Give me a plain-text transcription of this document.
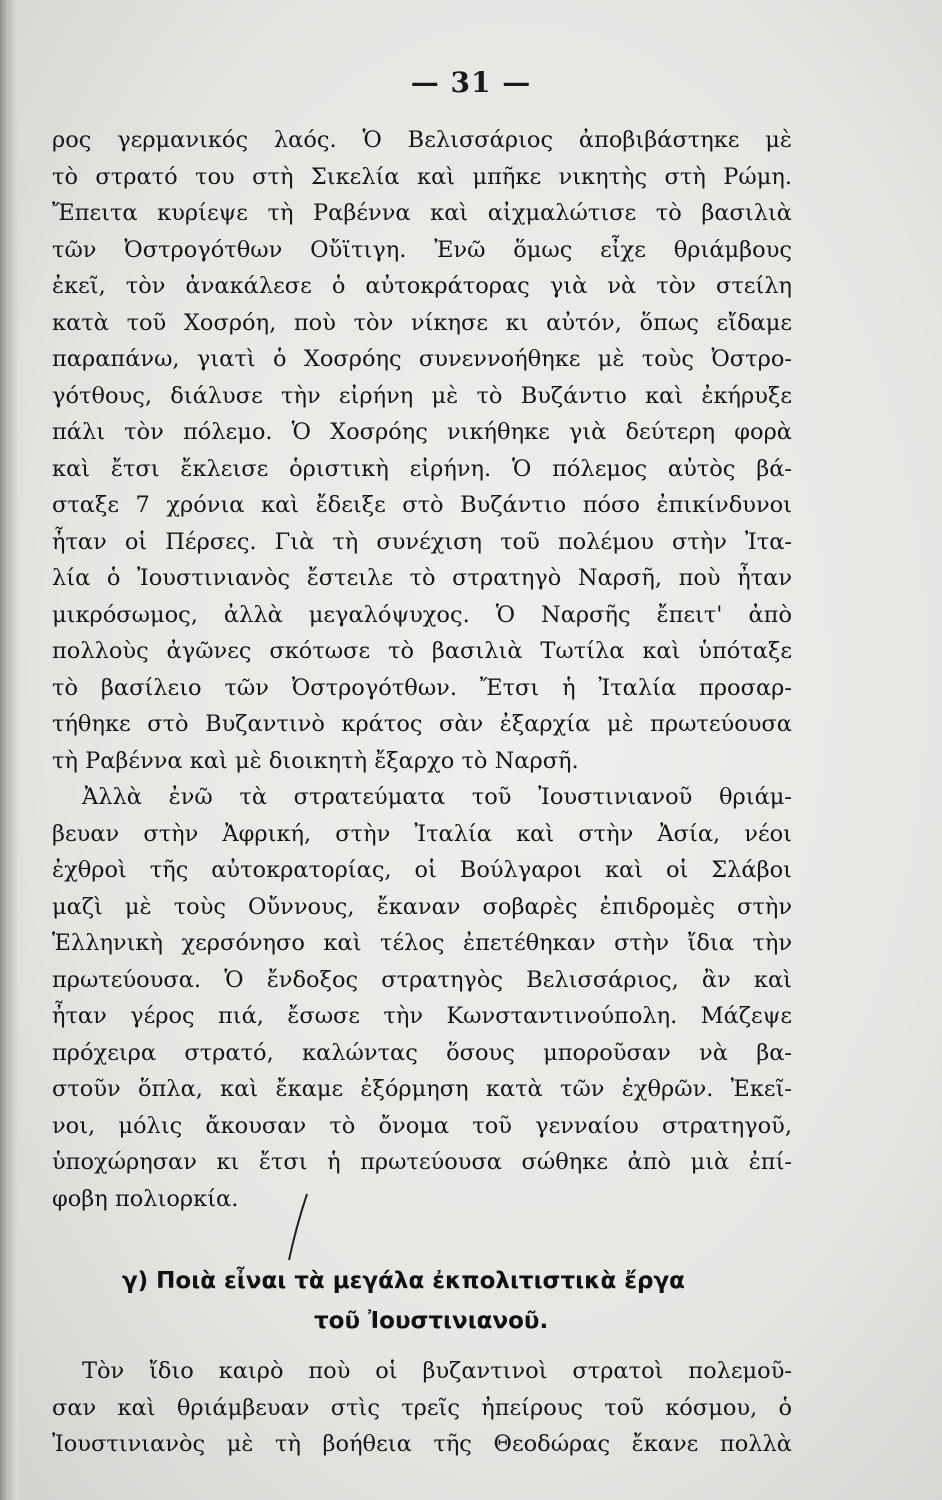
— 31 —
ρος γερμανικός λαός. Ὁ Βελισσάριος ἀποβιβάστηκε μὲ
τὸ στρατό του στὴ Σικελία καὶ μπῆκε νικητὴς στὴ Ρώμη.
Ἔπειτα κυρίεψε τὴ Ραβέννα καὶ αἰχμαλώτισε τὸ βασιλιὰ
τῶν Ὀστρογότθων Οὔϊτιγη. Ἐνῶ ὅμως εἶχε θριάμβους
ἐκεῖ, τὸν ἀνακάλεσε ὁ αὐτοκράτορας γιὰ νὰ τὸν στείλη
κατὰ τοῦ Χοσρόη, ποὺ τὸν νίκησε κι αὐτόν, ὅπως εἴδαμε
παραπάνω, γιατὶ ὁ Χοσρόης συνεννοήθηκε μὲ τοὺς Ὀστρο-
γότθους, διάλυσε τὴν εἰρήνη μὲ τὸ Βυζάντιο καὶ ἐκήρυξε
πάλι τὸν πόλεμο. Ὁ Χοσρόης νικήθηκε γιὰ δεύτερη φορὰ
καὶ ἔτσι ἔκλεισε ὁριστικὴ εἰρήνη. Ὁ πόλεμος αὐτὸς βά-
σταξε 7 χρόνια καὶ ἔδειξε στὸ Βυζάντιο πόσο ἐπικίνδυνοι
ἦταν οἱ Πέρσες. Γιὰ τὴ συνέχιση τοῦ πολέμου στὴν Ἰτα-
λία ὁ Ἰουστινιανὸς ἔστειλε τὸ στρατηγὸ Ναρσῆ, ποὺ ἦταν
μικρόσωμος, ἀλλὰ μεγαλόψυχος. Ὁ Ναρσῆς ἔπειτ' ἀπὸ
πολλοὺς ἀγῶνες σκότωσε τὸ βασιλιὰ Τωτίλα καὶ ὑπόταξε
τὸ βασίλειο τῶν Ὀστρογότθων. Ἔτσι ἡ Ἰταλία προσαρ-
τήθηκε στὸ Βυζαντινὸ κράτος σὰν ἐξαρχία μὲ πρωτεύουσα
τὴ Ραβέννα καὶ μὲ διοικητὴ ἔξαρχο τὸ Ναρσῆ.
Ἀλλὰ ἐνῶ τὰ στρατεύματα τοῦ Ἰουστινιανοῦ θριάμ-
βευαν στὴν Ἀφρική, στὴν Ἰταλία καὶ στὴν Ἀσία, νέοι
ἐχθροὶ τῆς αὐτοκρατορίας, οἱ Βούλγαροι καὶ οἱ Σλάβοι
μαζὶ μὲ τοὺς Οὔννους, ἔκαναν σοβαρὲς ἐπιδρομὲς στὴν
Ἑλληνικὴ χερσόνησο καὶ τέλος ἐπετέθηκαν στὴν ἴδια τὴν
πρωτεύουσα. Ὁ ἔνδοξος στρατηγὸς Βελισσάριος, ἂν καὶ
ἦταν γέρος πιά, ἔσωσε τὴν Κωνσταντινούπολη. Μάζεψε
πρόχειρα στρατό, καλώντας ὅσους μποροῦσαν νὰ βα-
στοῦν ὅπλα, καὶ ἔκαμε ἐξόρμηση κατὰ τῶν ἐχθρῶν. Ἐκεῖ-
νοι, μόλις ἄκουσαν τὸ ὄνομα τοῦ γενναίου στρατηγοῦ,
ὑποχώρησαν κι ἔτσι ἡ πρωτεύουσα σώθηκε ἀπὸ μιὰ ἐπί-
φοβη πολιορκία.
γ) Ποιὰ εἶναι τὰ μεγάλα ἐκπολιτιστικὰ ἔργα
τοῦ Ἰουστινιανοῦ.
Τὸν ἴδιο καιρὸ ποὺ οἱ βυζαντινοὶ στρατοὶ πολεμοῦ-
σαν καὶ θριάμβευαν στὶς τρεῖς ἠπείρους τοῦ κόσμου, ὁ
Ἰουστινιανὸς μὲ τὴ βοήθεια τῆς Θεοδώρας ἔκανε πολλὰ
